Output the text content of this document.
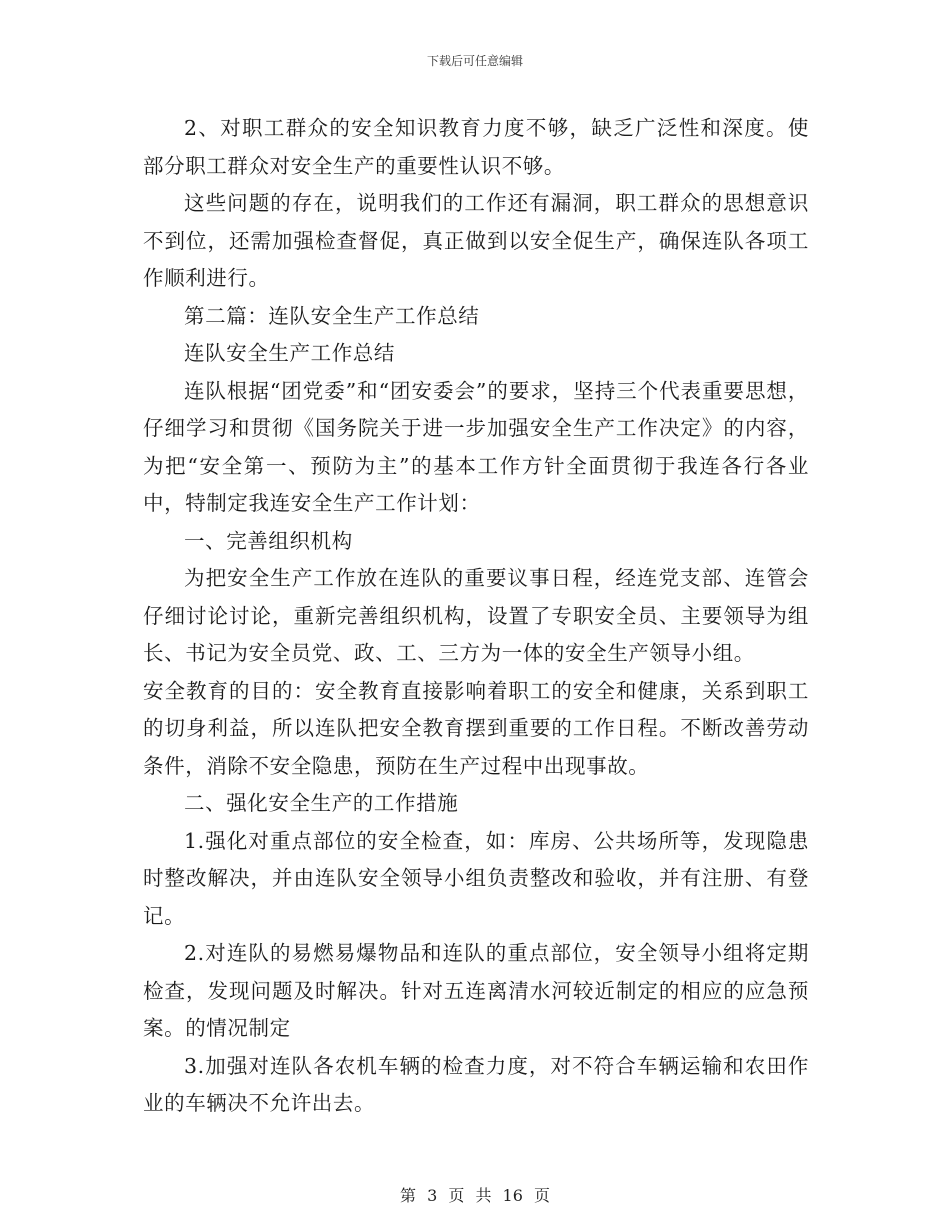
下载后可任意编辑

2、对职工群众的安全知识教育力度不够，缺乏广泛性和深度。使部分职工群众对安全生产的重要性认识不够。

这些问题的存在，说明我们的工作还有漏洞，职工群众的思想意识不到位，还需加强检查督促，真正做到以安全促生产，确保连队各项工作顺利进行。

第二篇：连队安全生产工作总结

连队安全生产工作总结

连队根据“团党委”和“团安委会”的要求，坚持三个代表重要思想，仔细学习和贯彻《国务院关于进一步加强安全生产工作决定》的内容，为把“安全第一、预防为主”的基本工作方针全面贯彻于我连各行各业中，特制定我连安全生产工作计划：

一、完善组织机构

为把安全生产工作放在连队的重要议事日程，经连党支部、连管会仔细讨论讨论，重新完善组织机构，设置了专职安全员、主要领导为组长、书记为安全员党、政、工、三方为一体的安全生产领导小组。

安全教育的目的：安全教育直接影响着职工的安全和健康，关系到职工的切身利益，所以连队把安全教育摆到重要的工作日程。不断改善劳动条件，消除不安全隐患，预防在生产过程中出现事故。

二、强化安全生产的工作措施

1.强化对重点部位的安全检查，如：库房、公共场所等，发现隐患时整改解决，并由连队安全领导小组负责整改和验收，并有注册、有登记。

2.对连队的易燃易爆物品和连队的重点部位，安全领导小组将定期检查，发现问题及时解决。针对五连离清水河较近制定的相应的应急预案。的情况制定

3.加强对连队各农机车辆的检查力度，对不符合车辆运输和农田作业的车辆决不允许出去。

第 3 页 共 16 页
